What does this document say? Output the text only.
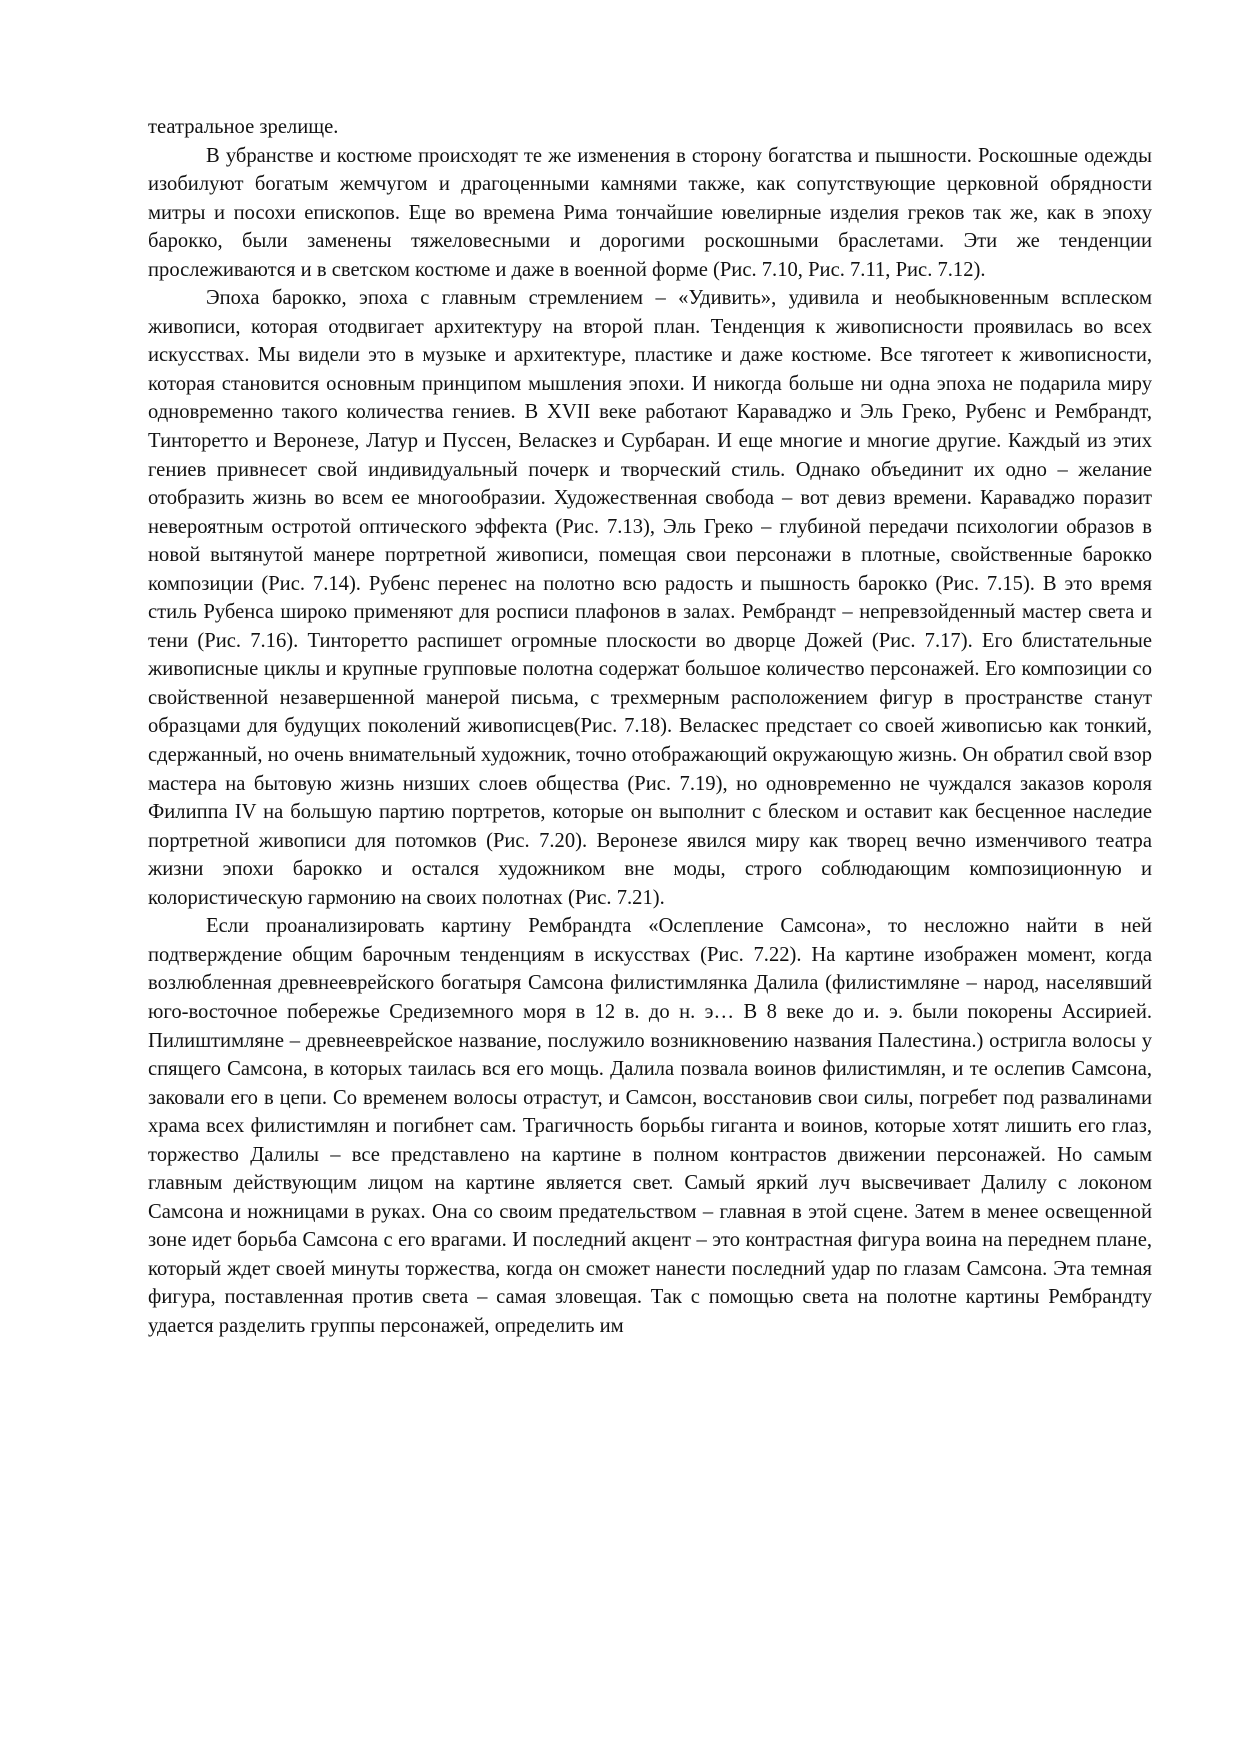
театральное зрелище.

В убранстве и костюме происходят те же изменения в сторону богатства и пышности. Роскошные одежды изобилуют богатым жемчугом и драгоценными камнями также, как сопутствующие церковной обрядности митры и посохи епископов. Еще во времена Рима тончайшие ювелирные изделия греков так же, как в эпоху барокко, были заменены тяжеловесными и дорогими роскошными браслетами. Эти же тенденции прослеживаются и в светском костюме и даже в военной форме (Рис. 7.10, Рис. 7.11, Рис. 7.12).

Эпоха барокко, эпоха с главным стремлением – «Удивить», удивила и необыкновенным всплеском живописи, которая отодвигает архитектуру на второй план. Тенденция к живописности проявилась во всех искусствах. Мы видели это в музыке и архитектуре, пластике и даже костюме. Все тяготеет к живописности, которая становится основным принципом мышления эпохи. И никогда больше ни одна эпоха не подарила миру одновременно такого количества гениев. В XVII веке работают Караваджо и Эль Греко, Рубенс и Рембрандт, Тинторетто и Веронезе, Латур и Пуссен, Веласкез и Сурбаран. И еще многие и многие другие. Каждый из этих гениев привнесет свой индивидуальный почерк и творческий стиль. Однако объединит их одно – желание отобразить жизнь во всем ее многообразии. Художественная свобода – вот девиз времени. Караваджо поразит невероятным остротой оптического эффекта (Рис. 7.13), Эль Греко – глубиной передачи психологии образов в новой вытянутой манере портретной живописи, помещая свои персонажи в плотные, свойственные барокко композиции (Рис. 7.14). Рубенс перенес на полотно всю радость и пышность барокко (Рис. 7.15). В это время стиль Рубенса широко применяют для росписи плафонов в залах. Рембрандт – непревзойденный мастер света и тени (Рис. 7.16). Тинторетто распишет огромные плоскости во дворце Дожей (Рис. 7.17). Его блистательные живописные циклы и крупные групповые полотна содержат большое количество персонажей. Его композиции со свойственной незавершенной манерой письма, с трехмерным расположением фигур в пространстве станут образцами для будущих поколений живописцев(Рис. 7.18). Веласкес предстает со своей живописью как тонкий, сдержанный, но очень внимательный художник, точно отображающий окружающую жизнь. Он обратил свой взор мастера на бытовую жизнь низших слоев общества (Рис. 7.19), но одновременно не чуждался заказов короля Филиппа IV на большую партию портретов, которые он выполнит с блеском и оставит как бесценное наследие портретной живописи для потомков (Рис. 7.20). Веронезе явился миру как творец вечно изменчивого театра жизни эпохи барокко и остался художником вне моды, строго соблюдающим композиционную и колористическую гармонию на своих полотнах (Рис. 7.21).

Если проанализировать картину Рембрандта «Ослепление Самсона», то несложно найти в ней подтверждение общим барочным тенденциям в искусствах (Рис. 7.22). На картине изображен момент, когда возлюбленная древнееврейского богатыря Самсона филистимлянка Далила (филистимляне – народ, населявший юго-восточное побережье Средиземного моря в 12 в. до н. э… В 8 веке до и. э. были покорены Ассирией. Пилиштимляне – древнееврейское название, послужило возникновению названия Палестина.) остригла волосы у спящего Самсона, в которых таилась вся его мощь. Далила позвала воинов филистимлян, и те ослепив Самсона, заковали его в цепи. Со временем волосы отрастут, и Самсон, восстановив свои силы, погребет под развалинами храма всех филистимлян и погибнет сам. Трагичность борьбы гиганта и воинов, которые хотят лишить его глаз, торжество Далилы – все представлено на картине в полном контрастов движении персонажей. Но самым главным действующим лицом на картине является свет. Самый яркий луч высвечивает Далилу с локоном Самсона и ножницами в руках. Она со своим предательством – главная в этой сцене. Затем в менее освещенной зоне идет борьба Самсона с его врагами. И последний акцент – это контрастная фигура воина на переднем плане, который ждет своей минуты торжества, когда он сможет нанести последний удар по глазам Самсона. Эта темная фигура, поставленная против света – самая зловещая. Так с помощью света на полотне картины Рембрандту удается разделить группы персонажей, определить им
